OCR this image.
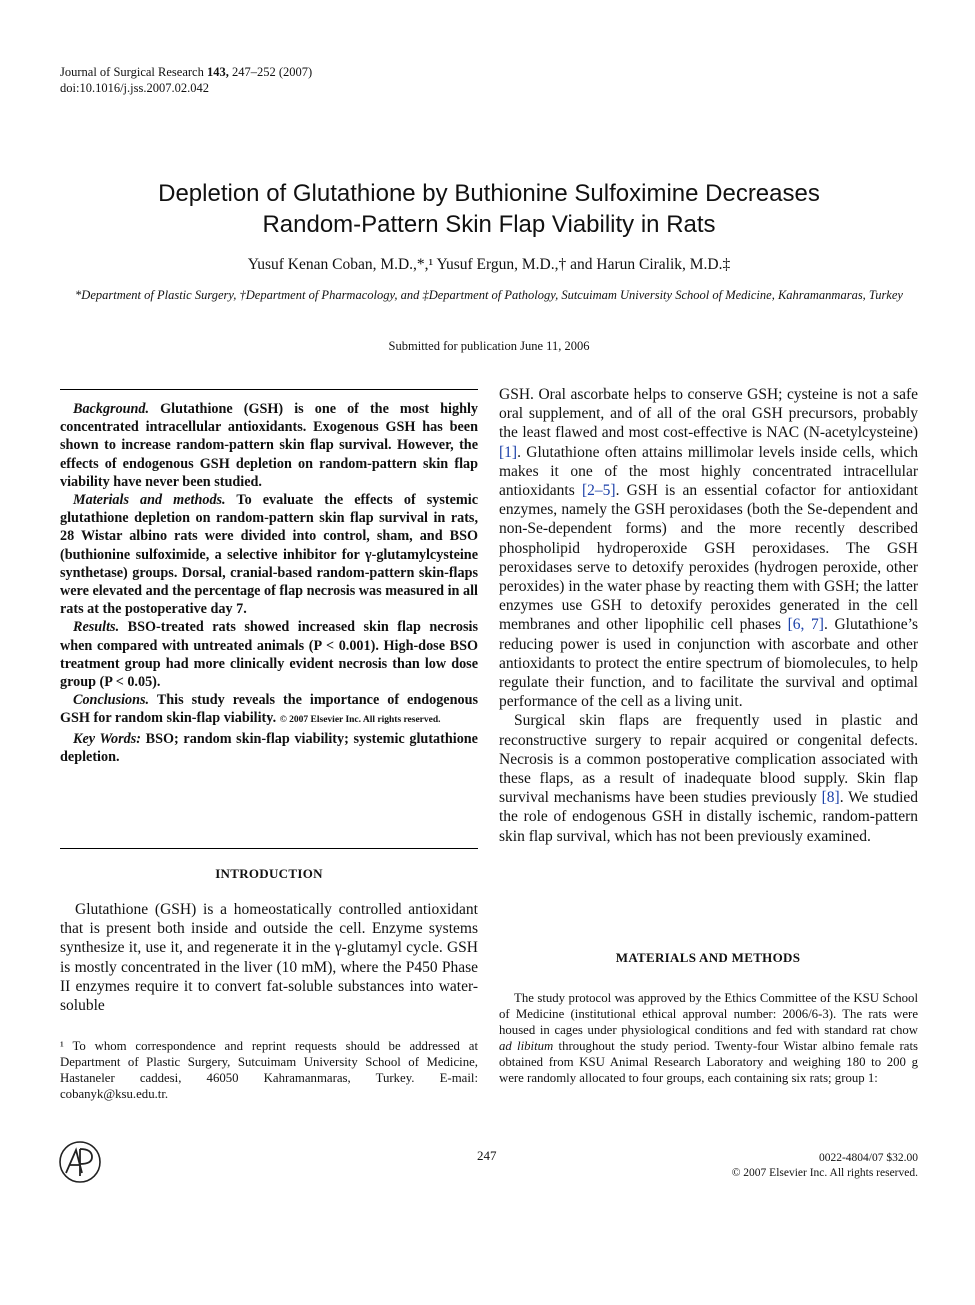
Journal of Surgical Research 143, 247–252 (2007)
doi:10.1016/j.jss.2007.02.042
Depletion of Glutathione by Buthionine Sulfoximine Decreases
Random-Pattern Skin Flap Viability in Rats
Yusuf Kenan Coban, M.D.,*,¹ Yusuf Ergun, M.D.,† and Harun Ciralik, M.D.‡
*Department of Plastic Surgery, †Department of Pharmacology, and ‡Department of Pathology, Sutcuimam University School of Medicine, Kahramanmaras, Turkey
Submitted for publication June 11, 2006

Background. Glutathione (GSH) is one of the most highly concentrated intracellular antioxidants. Exogenous GSH has been shown to increase random-pattern skin flap survival. However, the effects of endogenous GSH depletion on random-pattern skin flap viability have never been studied.

Materials and methods. To evaluate the effects of systemic glutathione depletion on random-pattern skin flap survival in rats, 28 Wistar albino rats were divided into control, sham, and BSO (buthionine sulfoximide, a selective inhibitor for γ-glutamylcysteine synthetase) groups. Dorsal, cranial-based random-pattern skin-flaps were elevated and the percentage of flap necrosis was measured in all rats at the postoperative day 7.

Results. BSO-treated rats showed increased skin flap necrosis when compared with untreated animals (P < 0.001). High-dose BSO treatment group had more clinically evident necrosis than low dose group (P < 0.05).

Conclusions. This study reveals the importance of endogenous GSH for random skin-flap viability. © 2007 Elsevier Inc. All rights reserved.

Key Words: BSO; random skin-flap viability; systemic glutathione depletion.

INTRODUCTION

Glutathione (GSH) is a homeostatically controlled antioxidant that is present both inside and outside the cell. Enzyme systems synthesize it, use it, and regenerate it in the γ-glutamyl cycle. GSH is mostly concentrated in the liver (10 mM), where the P450 Phase II enzymes require it to convert fat-soluble substances into water-soluble

¹ To whom correspondence and reprint requests should be addressed at Department of Plastic Surgery, Sutcuimam University School of Medicine, Hastaneler caddesi, 46050 Kahramanmaras, Turkey. E-mail: cobanyk@ksu.edu.tr.

GSH. Oral ascorbate helps to conserve GSH; cysteine is not a safe oral supplement, and of all of the oral GSH precursors, probably the least flawed and most cost-effective is NAC (N-acetylcysteine) [1]. Glutathione often attains millimolar levels inside cells, which makes it one of the most highly concentrated intracellular antioxidants [2–5]. GSH is an essential cofactor for antioxidant enzymes, namely the GSH peroxidases (both the Se-dependent and non-Se-dependent forms) and the more recently described phospholipid hydroperoxide GSH peroxidases. The GSH peroxidases serve to detoxify peroxides (hydrogen peroxide, other peroxides) in the water phase by reacting them with GSH; the latter enzymes use GSH to detoxify peroxides generated in the cell membranes and other lipophilic cell phases [6, 7]. Glutathione’s reducing power is used in conjunction with ascorbate and other antioxidants to protect the entire spectrum of biomolecules, to help regulate their function, and to facilitate the survival and optimal performance of the cell as a living unit.

Surgical skin flaps are frequently used in plastic and reconstructive surgery to repair acquired or congenital defects. Necrosis is a common postoperative complication associated with these flaps, as a result of inadequate blood supply. Skin flap survival mechanisms have been studies previously [8]. We studied the role of endogenous GSH in distally ischemic, random-pattern skin flap survival, which has not been previously examined.

MATERIALS AND METHODS

The study protocol was approved by the Ethics Committee of the KSU School of Medicine (institutional ethical approval number: 2006/6-3). The rats were housed in cages under physiological conditions and fed with standard rat chow ad libitum throughout the study period. Twenty-four Wistar albino female rats obtained from KSU Animal Research Laboratory and weighing 180 to 200 g were randomly allocated to four groups, each containing six rats; group 1:

247	0022-4804/07 $32.00
© 2007 Elsevier Inc. All rights reserved.
